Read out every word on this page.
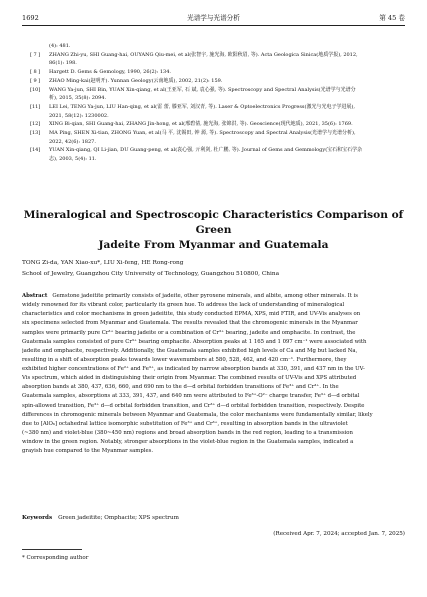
1692	光谱学与光谱分析	第 45 卷
(4): 481.
[ 7 ]	ZHANG Zhi-yu, SHI Guang-hai, OUYANG Qiu-mei, et al(张智宇, 施光海, 欧阳秋眉, 等). Acta Geologica Sinica(地质学报), 2012,
86(1): 198.
[ 8 ]	Hargett D. Gems & Gemology, 1990, 26(2): 134.
[ 9 ]	ZHAO Ming-kai(赵明开). Yunnan Geology(云南地质), 2002, 21(2): 159.
[10]	WANG Ya-jun, SHI Bin, YUAN Xin-qiang, et al(王亚军, 石 斌, 袁心强, 等). Spectroscopy and Spectral Analysis(光谱学与光谱分
析), 2015, 35(8): 2094.
[11]	LEI Lei, TENG Ya-jun, LIU Han-qing, et al(雷 蕾, 滕亚军, 刘汉青, 等). Laser & Optoelectronics Progress(激光与光电子学进展),
2021, 58(12): 1230002.
[12]	XING Bi-qian, SHI Guang-hai, ZHANG Jin-hong, et al(邢碧倩, 施光海, 张锦洪, 等). Geoscience(现代地质), 2021, 35(6): 1769.
[13]	MA Ping, SHEN Xi-tian, ZHONG Yuan, et al(马 平, 沈锡田, 钟 源, 等). Spectroscopy and Spectral Analysis(光谱学与光谱分析),
2022, 42(6): 1827.
[14]	YUAN Xin-qiang, QI Li-jian, DU Guang-peng, et al(袁心强, 亓利剑, 杜广鹏, 等). Journal of Gems and Gemmology(宝石和宝石学杂
志), 2003, 5(4): 11.
Mineralogical and Spectroscopic Characteristics Comparison of Green
Jadeite From Myanmar and Guatemala
TONG Zi-da, YAN Xiao-xu*, LIU Xi-feng, HE Rong-rong
School of Jewelry, Guangzhou City University of Technology, Guangzhou 510800, China
Abstract Gemstone jadeitite primarily consists of jadeite, other pyroxene minerals, and albite, among other minerals. It is
widely renowned for its vibrant color, particularly its green hue. To address the lack of understanding of mineralogical
characteristics and color mechanisms in green jadeitite, this study conducted EPMA, XPS, mid FTIR, and UV-Vis analyses on
six specimens selected from Myanmar and Guatemala. The results revealed that the chromogenic minerals in the Myanmar
samples were primarily pure Cr³⁺ bearing jadeite or a combination of Cr³⁺ bearing, jadeite and omphacite. In contrast, the
Guatemala samples consisted of pure Cr³⁺ bearing omphacite. Absorption peaks at 1 165 and 1 097 cm⁻¹ were associated with
jadeite and omphacite, respectively. Additionally, the Guatemala samples exhibited high levels of Ca and Mg but lacked Na,
resulting in a shift of absorption peaks towards lower wavenumbers at 580, 528, 462, and 420 cm⁻¹. Furthermore, they
exhibited higher concentrations of Fe²⁺ and Fe³⁺, as indicated by narrow absorption bands at 330, 391, and 437 nm in the UV-
Vis spectrum, which aided in distinguishing their origin from Myanmar. The combined results of UV-Vis and XPS attributed
absorption bands at 380, 437, 636, 660, and 690 nm to the d—d orbital forbidden transitions of Fe³⁺ and Cr³⁺. In the
Guatemala samples, absorptions at 333, 391, 437, and 640 nm were attributed to Fe³⁺-O²⁻ charge transfer, Fe³⁺ d—d orbital
spin-allowed transition, Fe³⁺ d—d orbital forbidden transition, and Cr³⁺ d—d orbital forbidden transition, respectively. Despite
differences in chromogenic minerals between Myanmar and Guatemala, the color mechanisms were fundamentally similar, likely
due to [AlO₆] octahedral lattice isomorphic substitution of Fe³⁺ and Cr³⁺, resulting in absorption bands in the ultraviolet
(~380 nm) and violet-blue (380~450 nm) regions and broad absorption bands in the red region, leading to a transmission
window in the green region. Notably, stronger absorptions in the violet-blue region in the Guatemala samples, indicated a
grayish hue compared to the Myanmar samples.
Keywords Green jadeitite; Omphacite; XPS spectrum
(Received Apr. 7, 2024; accepted Jan. 7, 2025)
* Corresponding author
